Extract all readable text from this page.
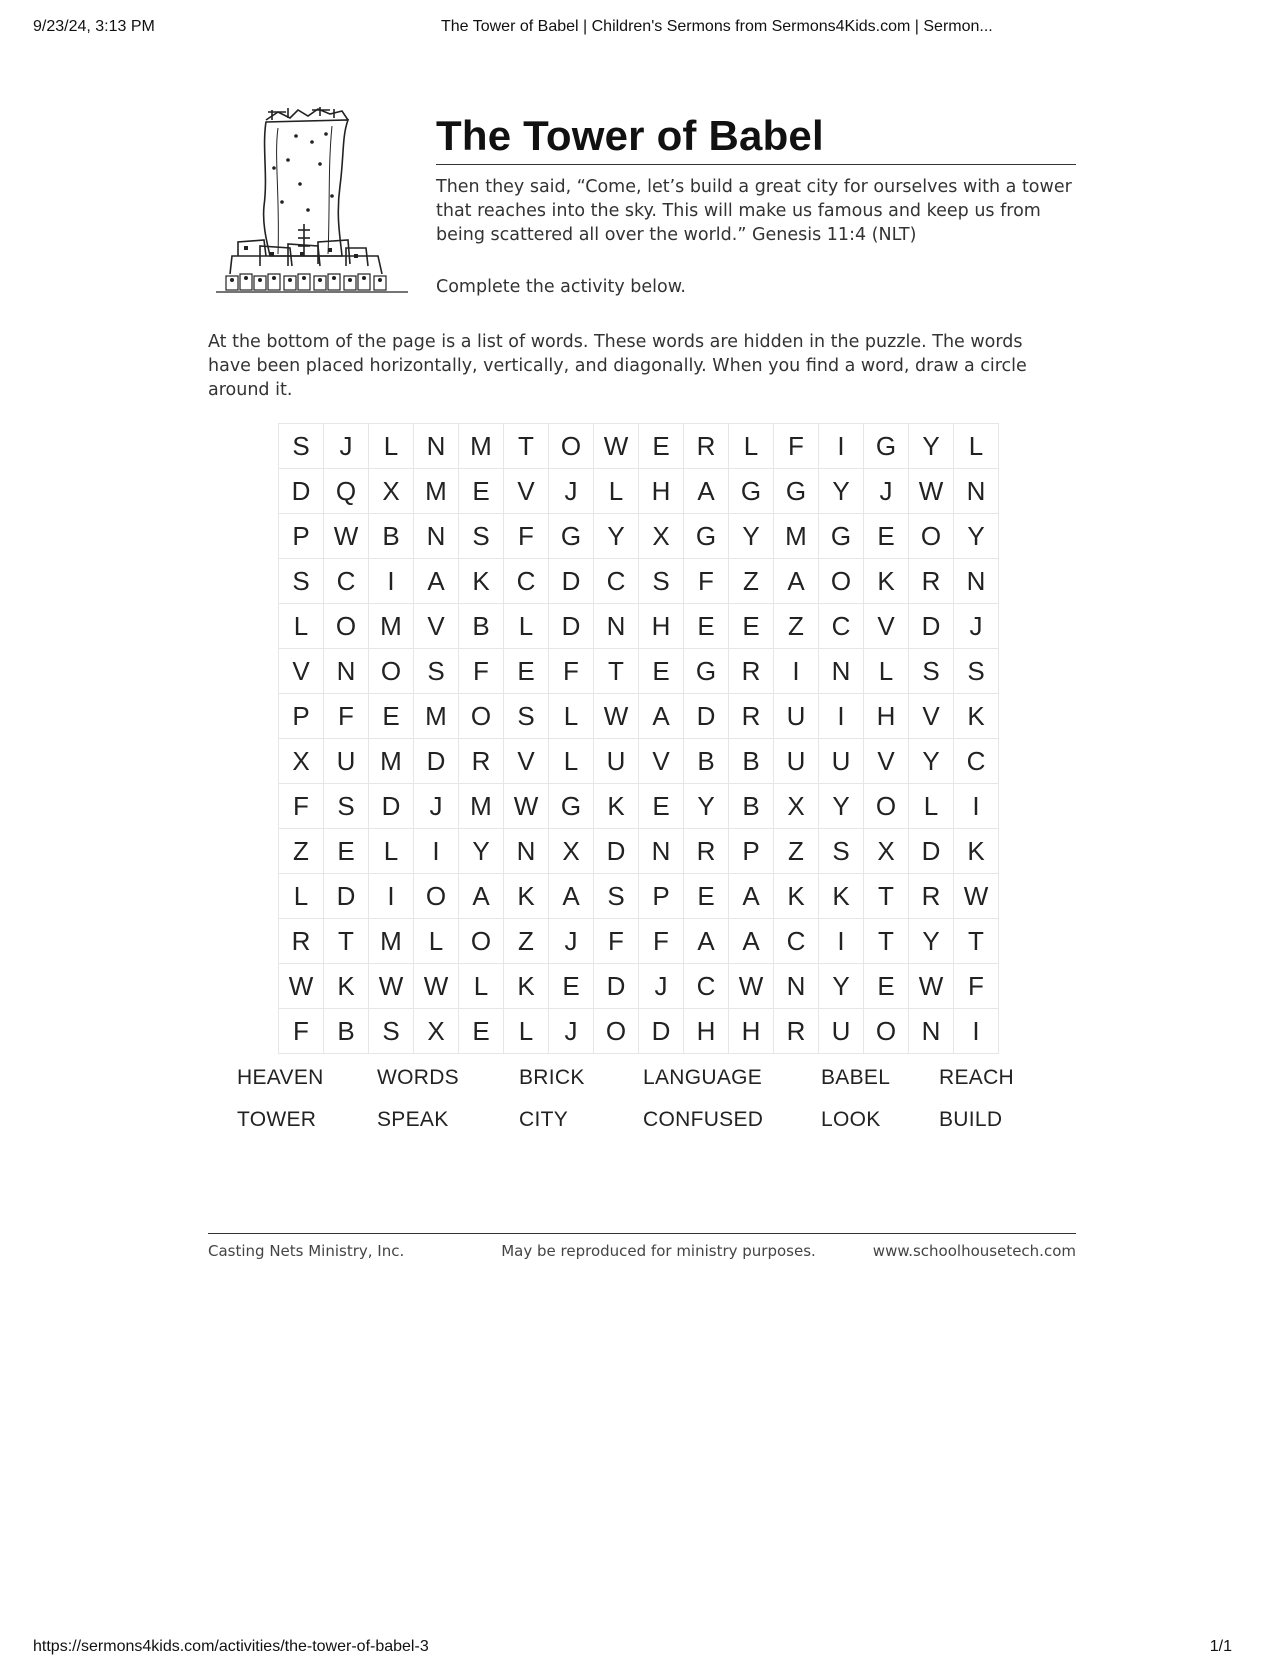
9/23/24, 3:13 PM	The Tower of Babel | Children's Sermons from Sermons4Kids.com | Sermon...
The Tower of Babel

Then they said, “Come, let’s build a great city for ourselves with a tower that reaches into the sky. This will make us famous and keep us from being scattered all over the world.” Genesis 11:4 (NLT)

Complete the activity below.

At the bottom of the page is a list of words. These words are hidden in the puzzle. The words have been placed horizontally, vertically, and diagonally. When you find a word, draw a circle around it.

S	J	L	N M	T	O W E	R	L	F	I	G	Y	L
D Q	X M E	V	J	L	H	A	G G	Y	J	W N
P W B	N	S	F	G	Y	X	G	Y M G	E	O	Y
S	C	I	A	K	C	D	C	S	F	Z	A	O	K	R	N
L	O M V	B	L	D	N	H	E	E	Z	C	V	D	J
V	N O	S	F	E	F	T	E	G R	I	N	L	S	S
P	F	E M O	S	L W A	D	R	U	I	H	V	K
X	U M D	R	V	L	U	V	B	B	U	U	V	Y	C
F	S	D	J	M W G	K	E	Y	B	X	Y	O	L	I
Z	E	L	I	Y	N	X	D	N	R	P	Z	S	X	D	K
L	D	I	O	A	K	A	S	P	E	A	K	K	T	R W
R	T	M	L	O	Z	J	F	F	A	A	C	I	T	Y	T
W K W W L	K	E	D	J	C W N	Y	E W F
F	B	S	X	E	L	J	O D	H	H	R	U O N	I
HEAVEN	WORDS	BRICK	LANGUAGE	BABEL	REACH
TOWER	SPEAK	CITY	CONFUSED	LOOK	BUILD
Casting Nets Ministry, Inc.	May be reproduced for ministry purposes.	www.schoolhousetech.com
https://sermons4kids.com/activities/the-tower-of-babel-3	1/1
